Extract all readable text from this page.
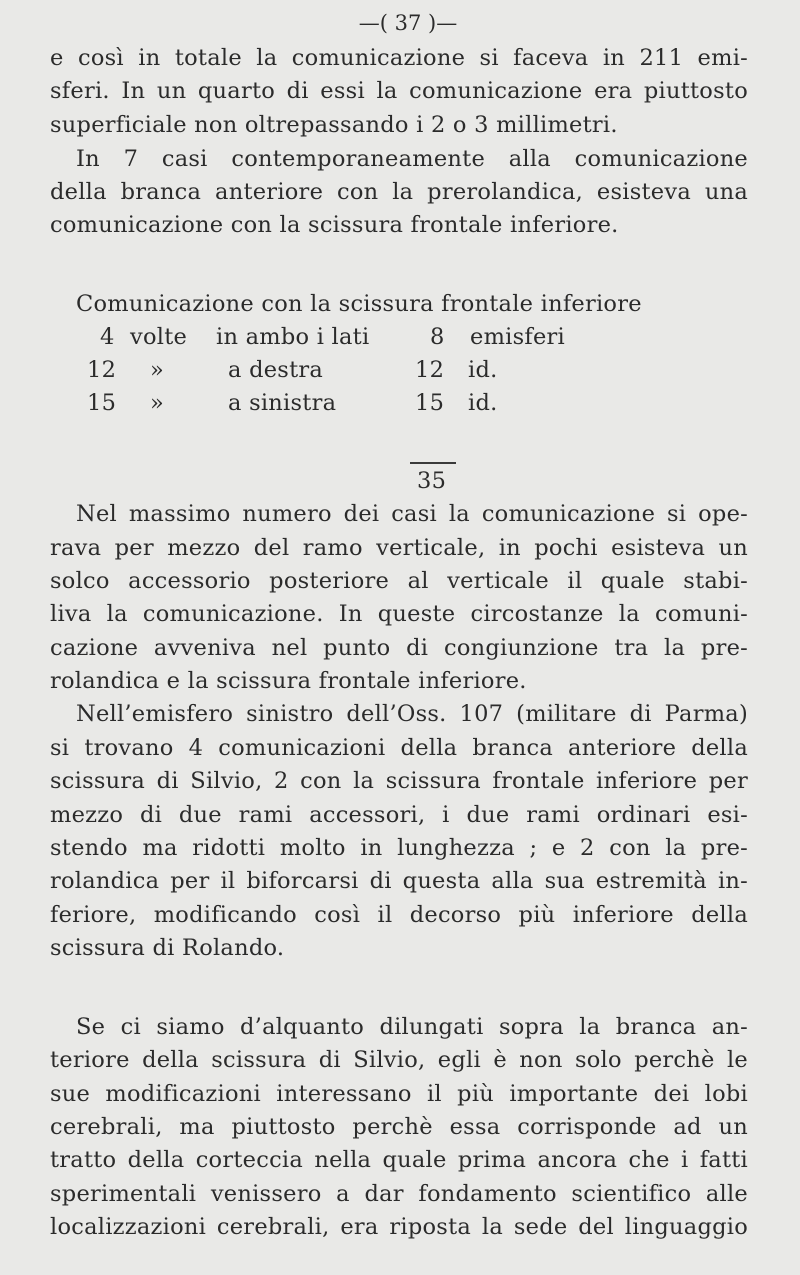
—( 37 )—
e così in totale la comunicazione si faceva in 211 emi-
sferi. In un quarto di essi la comunicazione era piuttosto
superficiale non oltrepassando i 2 o 3 millimetri.
In 7 casi contemporaneamente alla comunicazione
della branca anteriore con la prerolandica, esisteva una
comunicazione con la scissura frontale inferiore.
Comunicazione con la scissura frontale inferiore
4 volte in ambo i lati	8 emisferi
12 »	a destra	12 id.
15 »	a sinistra	15 id.
35
Nel massimo numero dei casi la comunicazione si ope-
rava per mezzo del ramo verticale, in pochi esisteva un
solco accessorio posteriore al verticale il quale stabi-
liva la comunicazione. In queste circostanze la comuni-
cazione avveniva nel punto di congiunzione tra la pre-
rolandica e la scissura frontale inferiore.
Nell’emisfero sinistro dell’Oss. 107 (militare di Parma)
si trovano 4 comunicazioni della branca anteriore della
scissura di Silvio, 2 con la scissura frontale inferiore per
mezzo di due rami accessori, i due rami ordinari esi-
stendo ma ridotti molto in lunghezza ; e 2 con la pre-
rolandica per il biforcarsi di questa alla sua estremità in-
feriore, modificando così il decorso più inferiore della
scissura di Rolando.
Se ci siamo d’alquanto dilungati sopra la branca an-
teriore della scissura di Silvio, egli è non solo perchè le
sue modificazioni interessano il più importante dei lobi
cerebrali, ma piuttosto perchè essa corrisponde ad un
tratto della corteccia nella quale prima ancora che i fatti
sperimentali venissero a dar fondamento scientifico alle
localizzazioni cerebrali, era riposta la sede del linguaggio
